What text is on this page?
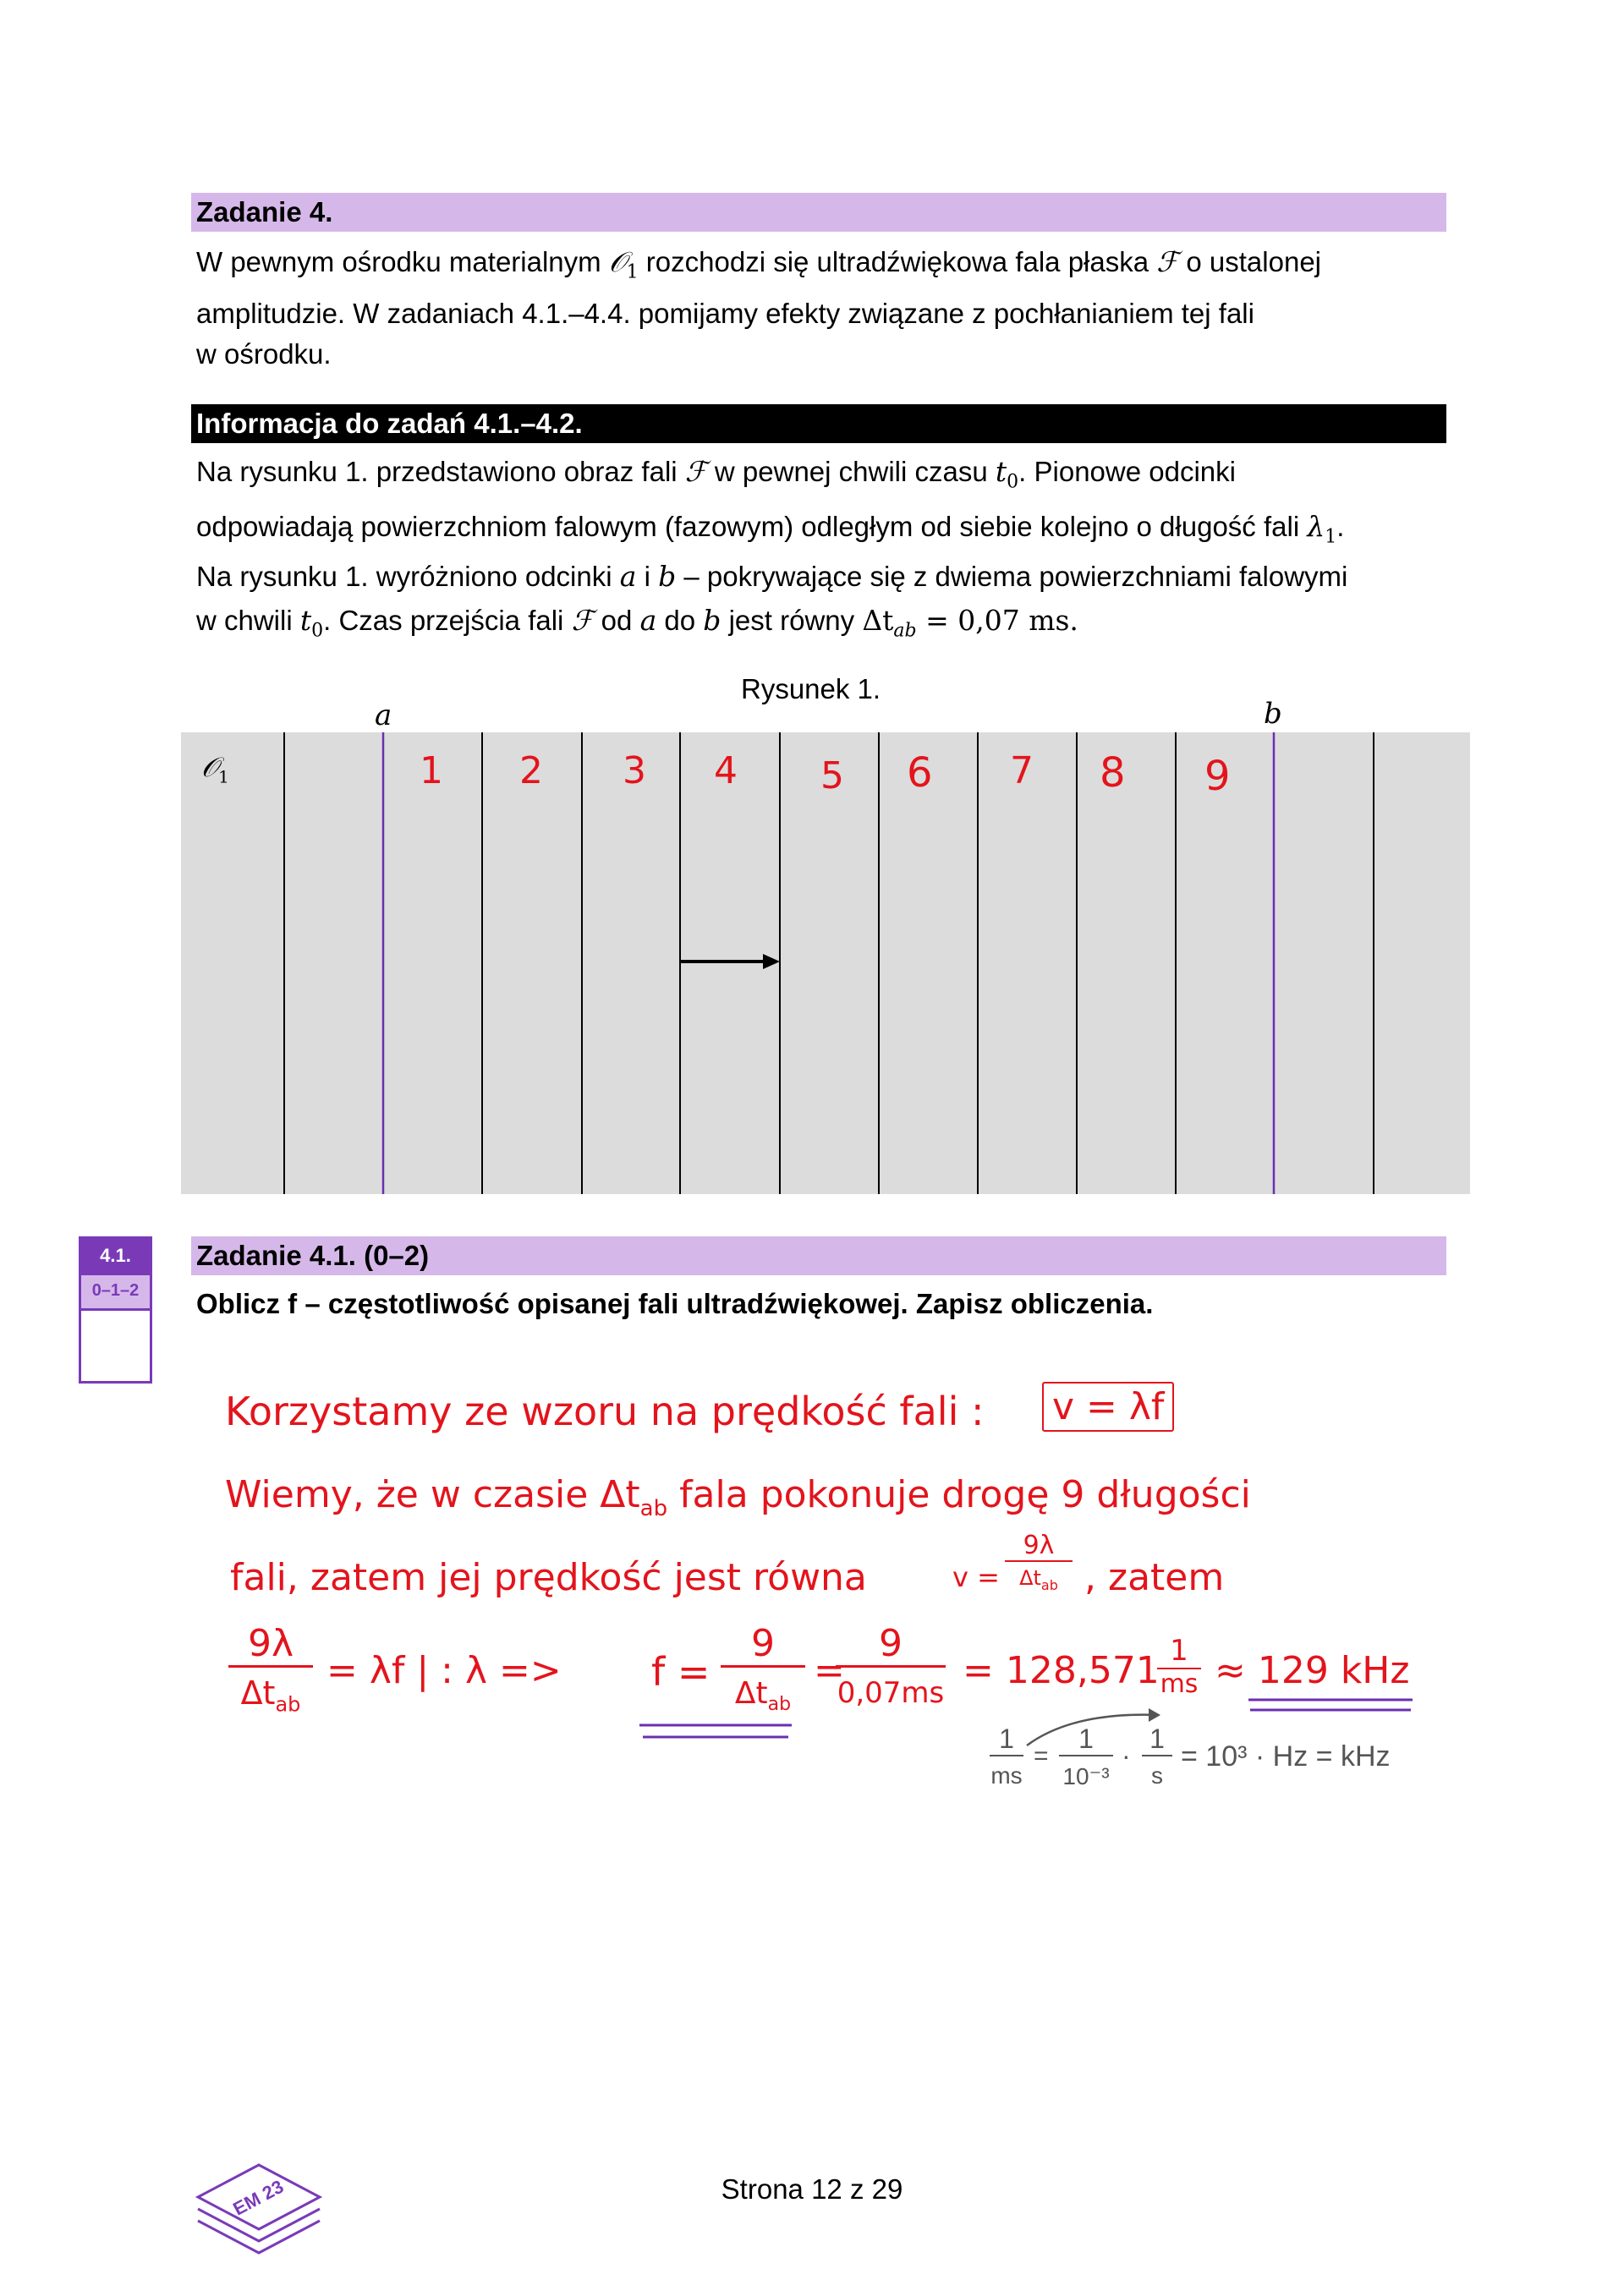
Zadanie 4.
W pewnym ośrodku materialnym 𝒪$_1$ rozchodzi się ultradźwiękowa fala płaska ℱ o ustalonej
amplitudzie. W zadaniach 4.1.–4.4. pomijamy efekty związane z pochłanianiem tej fali
w ośrodku.
Informacja do zadań 4.1.–4.2.
Na rysunku 1. przedstawiono obraz fali ℱ w pewnej chwili czasu $t_0$. Pionowe odcinki
odpowiadają powierzchniom falowym (fazowym) odległym od siebie kolejno o długość fali $\lambda_1$.
Na rysunku 1. wyróżniono odcinki a i b – pokrywające się z dwiema powierzchniami falowymi
w chwili $t_0$. Czas przejścia fali ℱ od a do b jest równy $\Delta t_{ab} = 0,07$ ms.
Rysunek 1.
a	b
𝒪$_1$	1 2 3 4 5 6 7 8 9
4.1.
0–1–2
Zadanie 4.1. (0–2)
Oblicz f – częstotliwość opisanej fali ultradźwiękowej. Zapisz obliczenia.
Korzystamy ze wzoru na prędkość fali : v = λf
Wiemy, że w czasie $\Delta t_{ab}$ fala pokonuje drogę 9 długości
fali, zatem jej prędkość jest równa	v =
9λ
$\Delta t_{ab}$ , zatem
9λ
$\Delta t_{ab}$
= λf | : λ => f =
9
$\Delta t_{ab}$
=
9
0,07ms
= 128,571 1
ms ≈ 129 kHz
1
ms
=
1
10⁻³
·
1
s
= 10³ · Hz = kHz
EM 23	Strona 12 z 29
